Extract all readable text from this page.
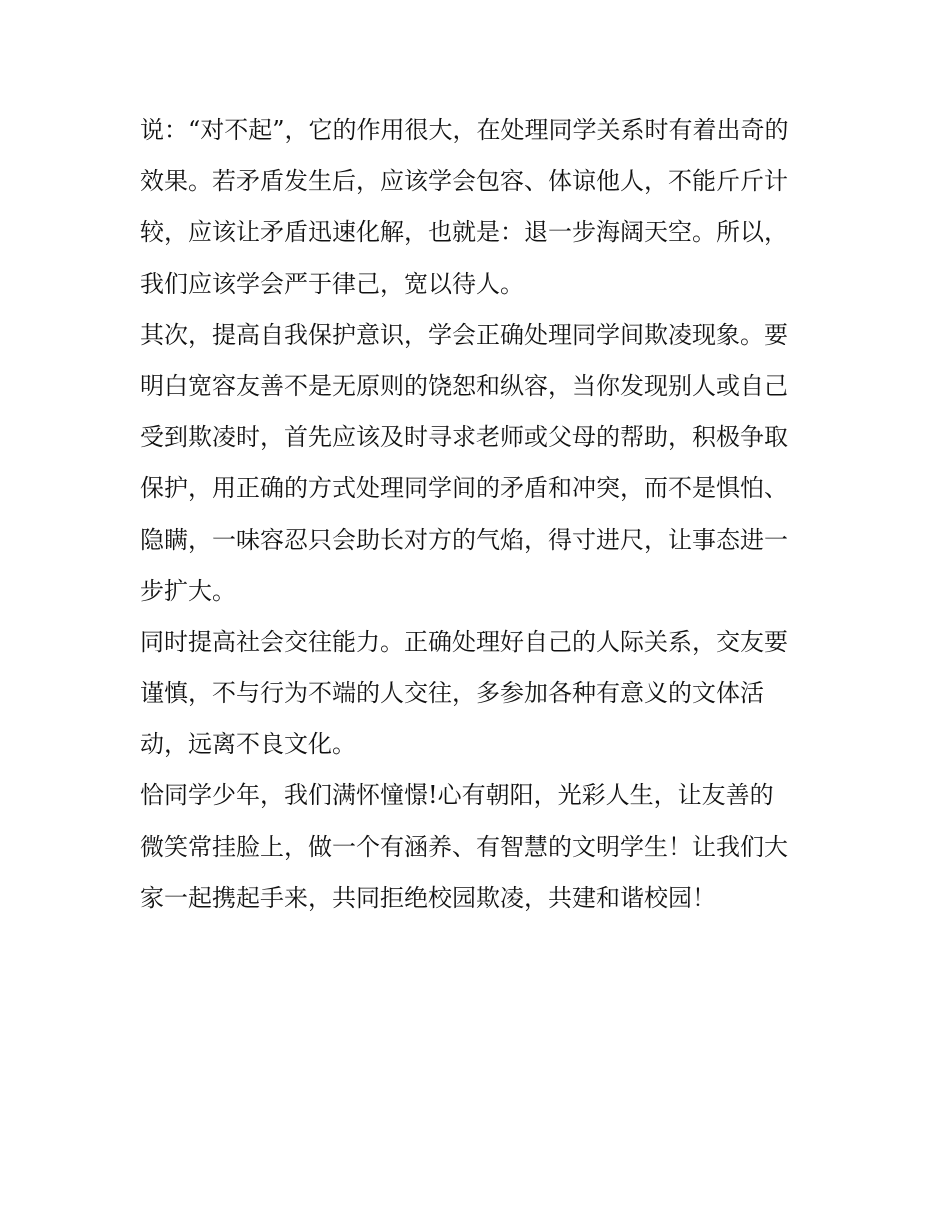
说：“对不起”，它的作用很大，在处理同学关系时有着出奇的
效果。若矛盾发生后，应该学会包容、体谅他人，不能斤斤计
较，应该让矛盾迅速化解，也就是：退一步海阔天空。所以，
我们应该学会严于律己，宽以待人。
其次，提高自我保护意识，学会正确处理同学间欺凌现象。要
明白宽容友善不是无原则的饶恕和纵容，当你发现别人或自己
受到欺凌时，首先应该及时寻求老师或父母的帮助，积极争取
保护，用正确的方式处理同学间的矛盾和冲突，而不是惧怕、
隐瞒，一味容忍只会助长对方的气焰，得寸进尺，让事态进一
步扩大。
同时提高社会交往能力。正确处理好自己的人际关系，交友要
谨慎，不与行为不端的人交往，多参加各种有意义的文体活
动，远离不良文化。
恰同学少年，我们满怀憧憬!心有朝阳，光彩人生，让友善的
微笑常挂脸上，做一个有涵养、有智慧的文明学生！让我们大
家一起携起手来，共同拒绝校园欺凌，共建和谐校园！
